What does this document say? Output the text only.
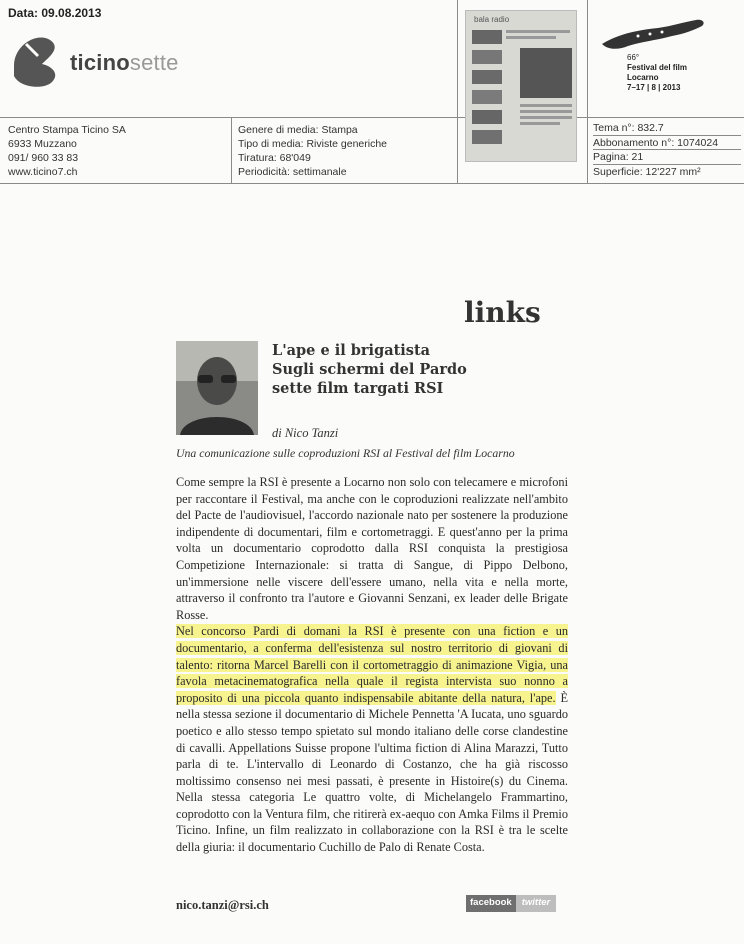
Data: 09.08.2013
ticinosette
bala radio
66°
Festival del film
Locarno
7–17 | 8 | 2013
Centro Stampa Ticino SA
6933 Muzzano
091/ 960 33 83
www.ticino7.ch
Genere di media: Stampa
Tipo di media: Riviste generiche
Tiratura: 68'049
Periodicità: settimanale
Tema n°: 832.7
Abbonamento n°: 1074024
Pagina: 21
Superficie: 12'227 mm²
links
L'ape e il brigatista
Sugli schermi del Pardo
sette film targati RSI
di Nico Tanzi
Una comunicazione sulle coproduzioni RSI al Festival del film Locarno

Come sempre la RSI è presente a Locarno non solo con telecamere e microfoni per raccontare il Festival, ma anche con le coproduzioni realizzate nell'ambito del Pacte de l'audiovisuel, l'accordo nazionale nato per sostenere la produzione indipendente di documentari, film e cortometraggi. E quest'anno per la prima volta un documentario coprodotto dalla RSI conquista la prestigiosa Competizione Internazionale: si tratta di Sangue, di Pippo Delbono, un'immersione nelle viscere dell'essere umano, nella vita e nella morte, attraverso il confronto tra l'autore e Giovanni Senzani, ex leader delle Brigate Rosse.

Nel concorso Pardi di domani la RSI è presente con una fiction e un documentario, a conferma dell'esistenza sul nostro territorio di giovani di talento: ritorna Marcel Barelli con il cortometraggio di animazione Vigia, una favola metacinematografica nella quale il regista intervista suo nonno a proposito di una piccola quanto indispensabile abitante della natura, l'ape. È nella stessa sezione il documentario di Michele Pennetta 'A Iucata, uno sguardo poetico e allo stesso tempo spietato sul mondo italiano delle corse clandestine di cavalli. Appellations Suisse propone l'ultima fiction di Alina Marazzi, Tutto parla di te. L'intervallo di Leonardo di Costanzo, che ha già riscosso moltissimo consenso nei mesi passati, è presente in Histoire(s) du Cinema. Nella stessa categoria Le quattro volte, di Michelangelo Frammartino, coprodotto con la Ventura film, che ritirerà ex-aequo con Amka Films il Premio Ticino. Infine, un film realizzato in collaborazione con la RSI è tra le scelte della giuria: il documentario Cuchillo de Palo di Renate Costa.

nico.tanzi@rsi.ch	facebook	twitter
